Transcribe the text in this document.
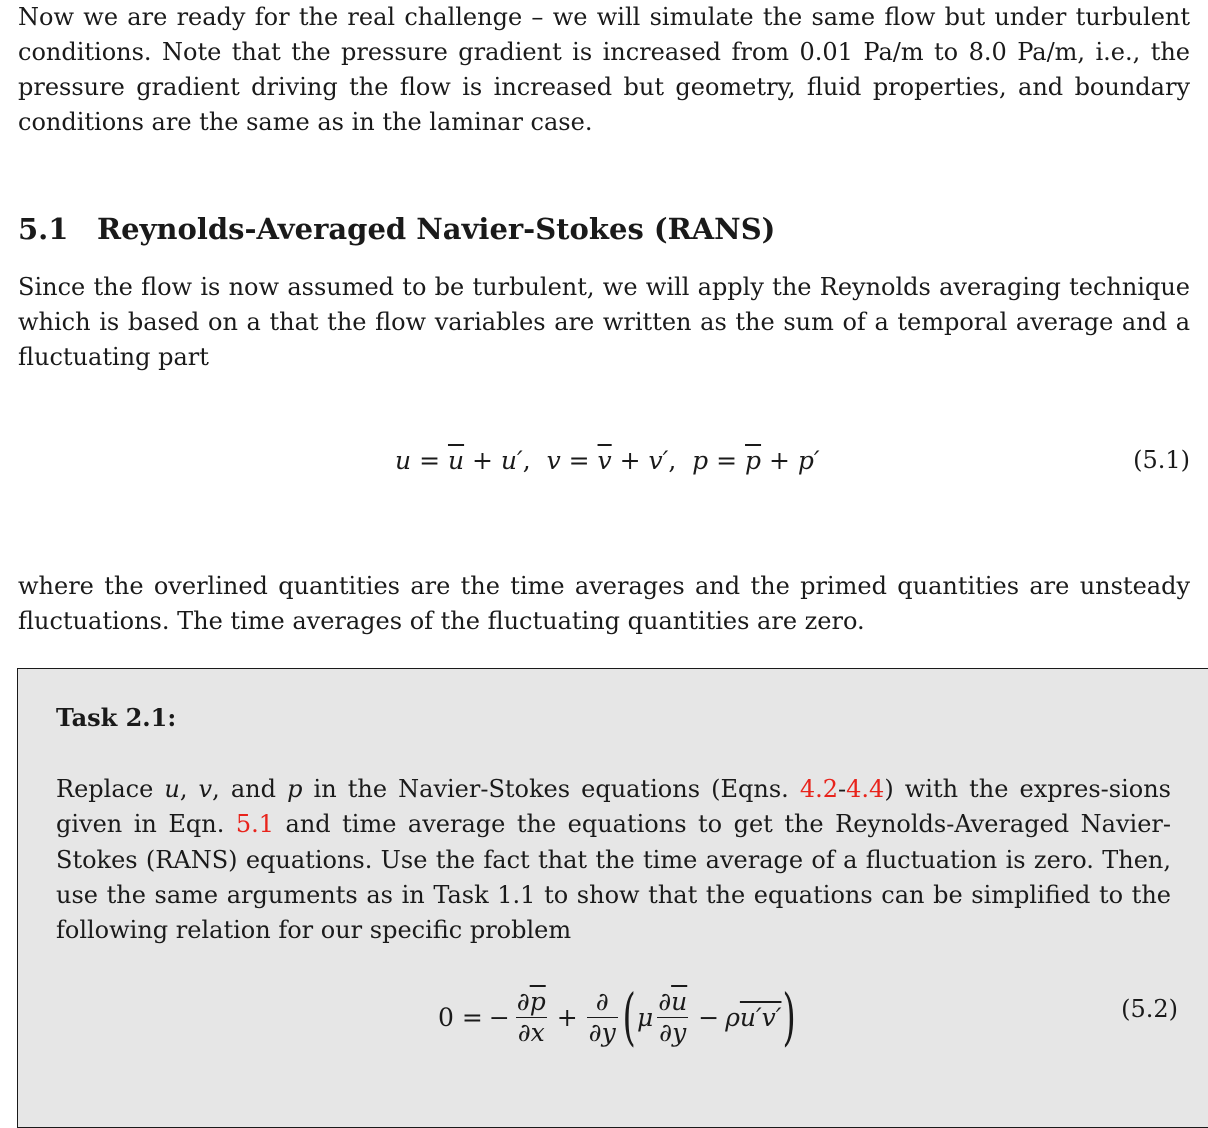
Now we are ready for the real challenge – we will simulate the same flow but under turbulent conditions. Note that the pressure gradient is increased from 0.01 Pa/m to 8.0 Pa/m, i.e., the pressure gradient driving the flow is increased but geometry, fluid properties, and boundary conditions are the same as in the laminar case.

5.1 Reynolds-Averaged Navier-Stokes (RANS)

Since the flow is now assumed to be turbulent, we will apply the Reynolds averaging technique which is based on a that the flow variables are written as the sum of a temporal average and a fluctuating part

$u = \overline{u} + u'$,  $v = \overline{v} + v'$,  $p = \overline{p} + p'$	(5.1)

where the overlined quantities are the time averages and the primed quantities are unsteady fluctuations. The time averages of the fluctuating quantities are zero.

Task 2.1:

Replace u, v, and p in the Navier-Stokes equations (Eqns. 4.2-4.4) with the expres-sions given in Eqn. 5.1 and time average the equations to get the Reynolds-Averaged Navier-Stokes (RANS) equations. Use the fact that the time average of a fluctuation is zero. Then, use the same arguments as in Task 1.1 to show that the equations can be simplified to the following relation for our specific problem

0 = − $\frac{\partial\overline{p}}{\partial x} + \frac{\partial}{\partial y}$ ( μ $\frac{\partial\overline{u}}{\partial y} - \rho u'v'$ )	(5.2)
